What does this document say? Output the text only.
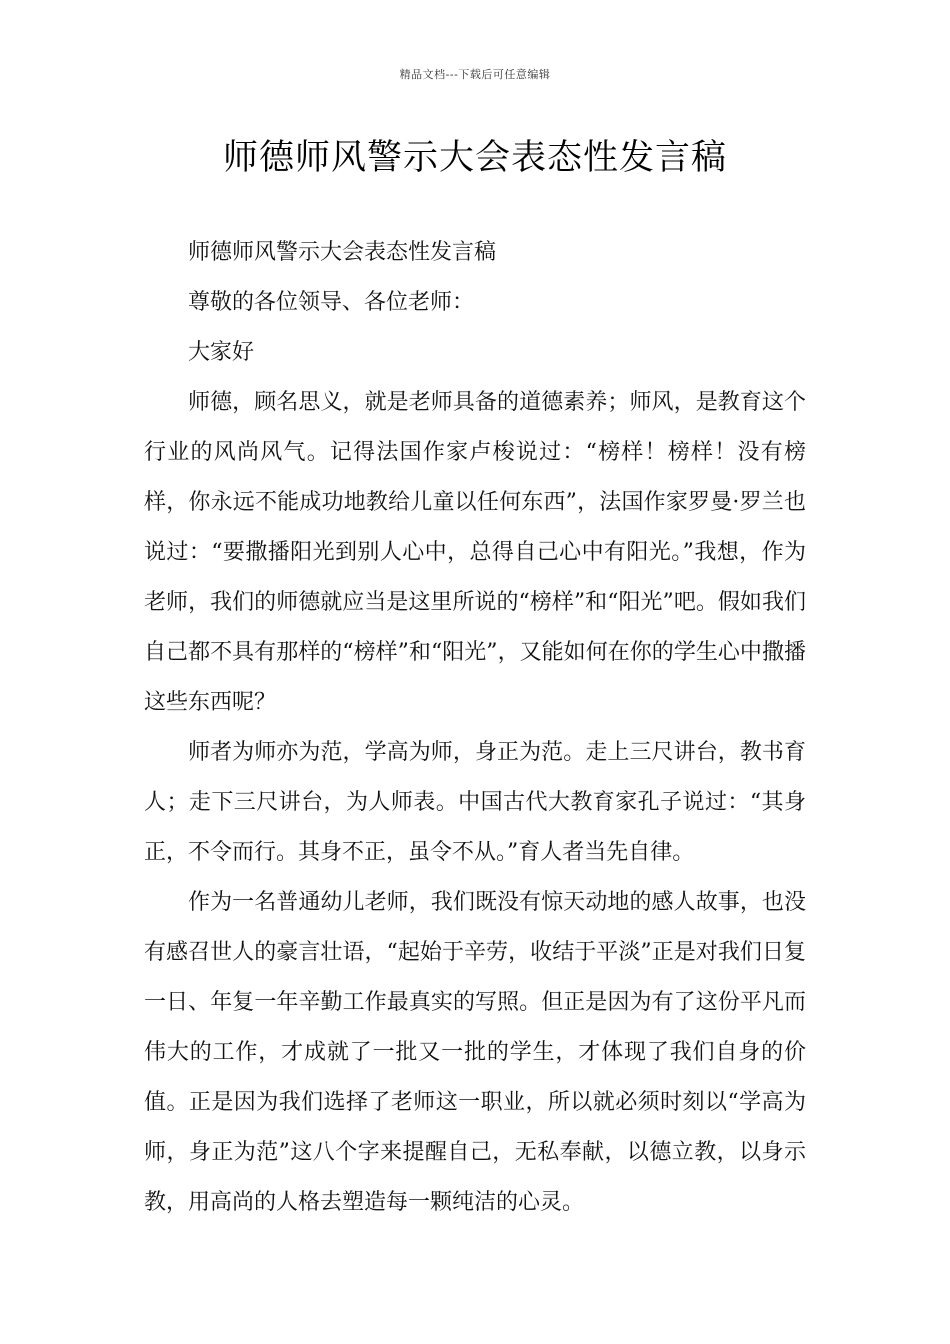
精品文档---下载后可任意编辑
师德师风警示大会表态性发言稿

师德师风警示大会表态性发言稿

尊敬的各位领导、各位老师：

大家好

师德，顾名思义，就是老师具备的道德素养；师风，是教育这个行业的风尚风气。记得法国作家卢梭说过：“榜样！榜样！没有榜样，你永远不能成功地教给儿童以任何东西”，法国作家罗曼·罗兰也说过：“要撒播阳光到别人心中，总得自己心中有阳光。”我想，作为老师，我们的师德就应当是这里所说的“榜样”和“阳光”吧。假如我们自己都不具有那样的“榜样”和“阳光”，又能如何在你的学生心中撒播这些东西呢？

师者为师亦为范，学高为师，身正为范。走上三尺讲台，教书育人；走下三尺讲台，为人师表。中国古代大教育家孔子说过：“其身正，不令而行。其身不正，虽令不从。”育人者当先自律。

作为一名普通幼儿老师，我们既没有惊天动地的感人故事，也没有感召世人的豪言壮语，“起始于辛劳，收结于平淡”正是对我们日复一日、年复一年辛勤工作最真实的写照。但正是因为有了这份平凡而伟大的工作，才成就了一批又一批的学生，才体现了我们自身的价值。正是因为我们选择了老师这一职业，所以就必须时刻以“学高为师，身正为范”这八个字来提醒自己，无私奉献，以德立教，以身示教，用高尚的人格去塑造每一颗纯洁的心灵。
